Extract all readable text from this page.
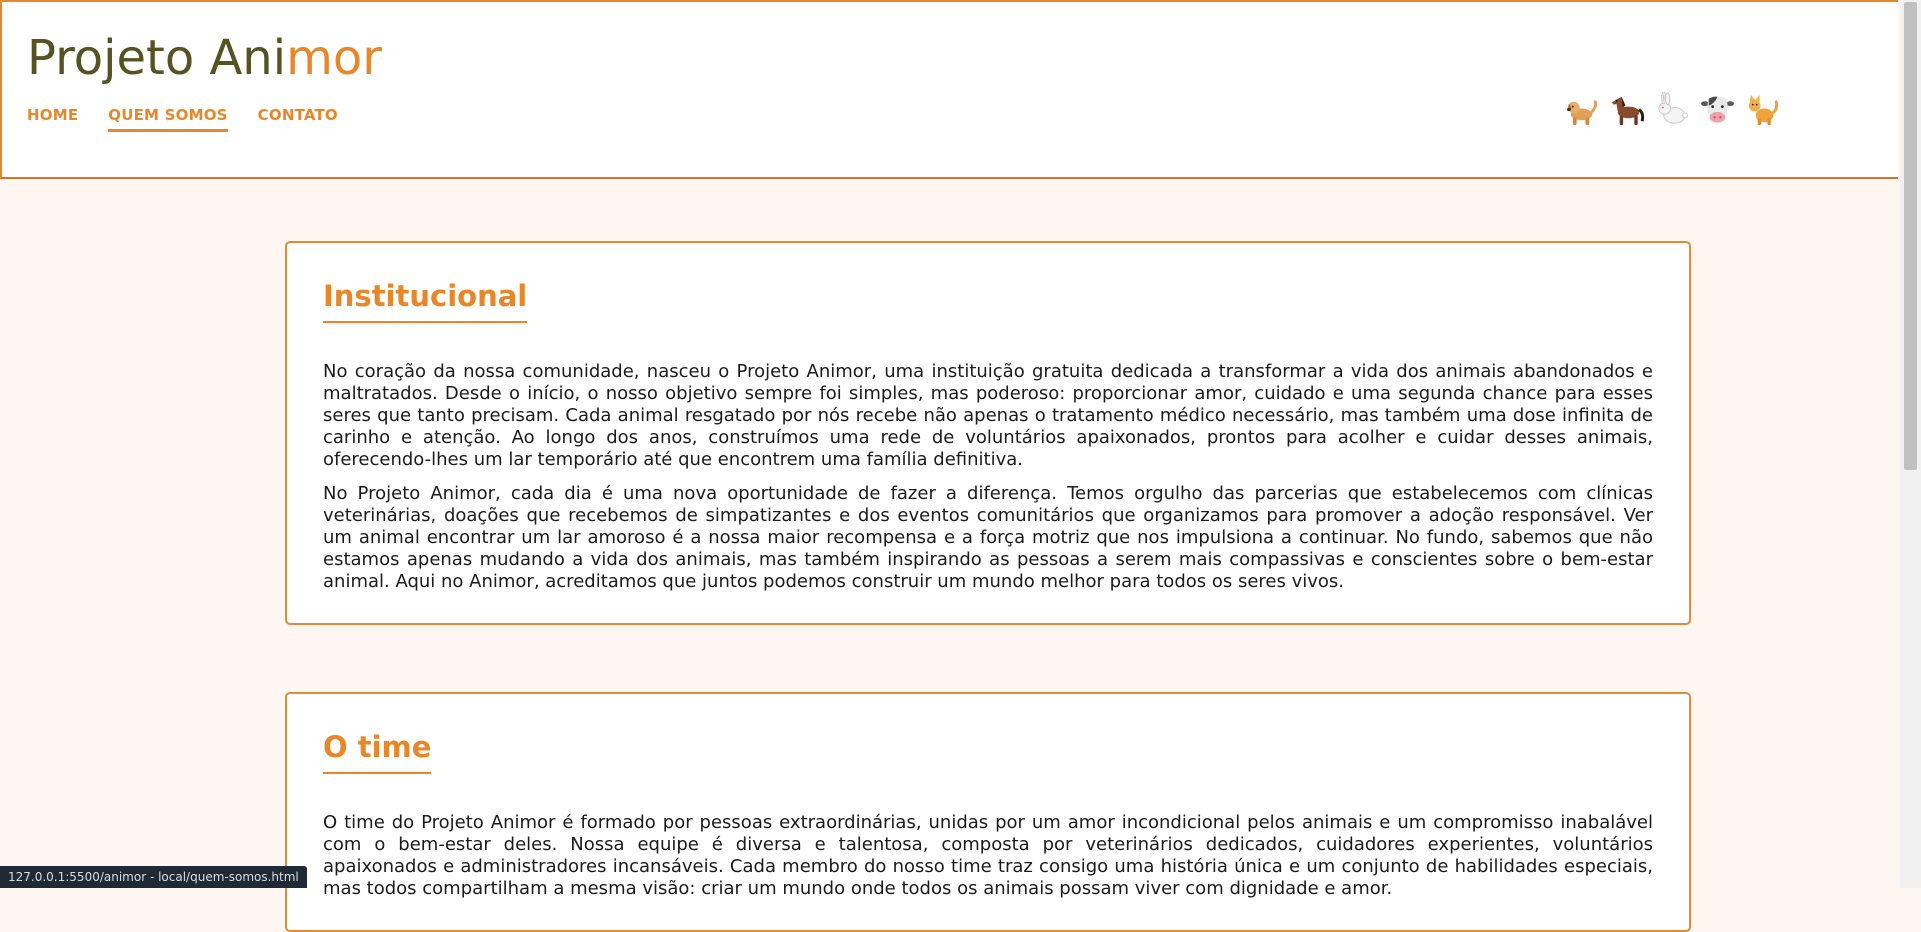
Projeto Animor
HOME QUEM SOMOS CONTATO
Institucional

No coração da nossa comunidade, nasceu o Projeto Animor, uma instituição gratuita dedicada a transformar a vida dos animais abandonados e maltratados. Desde o início, o nosso objetivo sempre foi simples, mas poderoso: proporcionar amor, cuidado e uma segunda chance para esses seres que tanto precisam. Cada animal resgatado por nós recebe não apenas o tratamento médico necessário, mas também uma dose infinita de carinho e atenção. Ao longo dos anos, construímos uma rede de voluntários apaixonados, prontos para acolher e cuidar desses animais, oferecendo-lhes um lar temporário até que encontrem uma família definitiva.

No Projeto Animor, cada dia é uma nova oportunidade de fazer a diferença. Temos orgulho das parcerias que estabelecemos com clínicas veterinárias, doações que recebemos de simpatizantes e dos eventos comunitários que organizamos para promover a adoção responsável. Ver um animal encontrar um lar amoroso é a nossa maior recompensa e a força motriz que nos impulsiona a continuar. No fundo, sabemos que não estamos apenas mudando a vida dos animais, mas também inspirando as pessoas a serem mais compassivas e conscientes sobre o bem-estar animal. Aqui no Animor, acreditamos que juntos podemos construir um mundo melhor para todos os seres vivos.

O time

O time do Projeto Animor é formado por pessoas extraordinárias, unidas por um amor incondicional pelos animais e um compromisso inabalável com o bem-estar deles. Nossa equipe é diversa e talentosa, composta por veterinários dedicados, cuidadores experientes, voluntários apaixonados e administradores incansáveis. Cada membro do nosso time traz consigo uma história única e um conjunto de habilidades especiais, mas todos compartilham a mesma visão: criar um mundo onde todos os animais possam viver com dignidade e amor.

127.0.0.1:5500/animor - local/quem-somos.html
